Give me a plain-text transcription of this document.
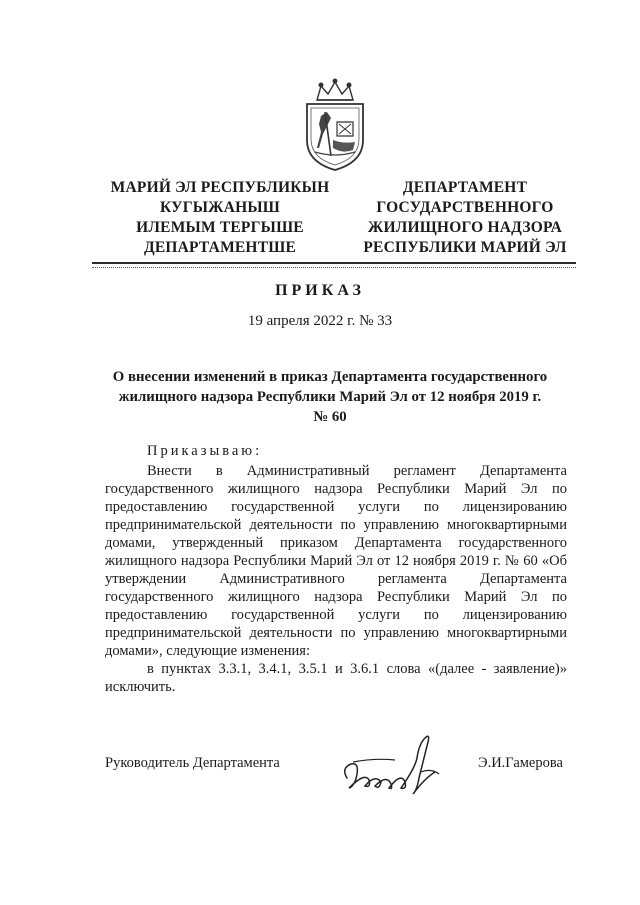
МАРИЙ ЭЛ РЕСПУБЛИКЫН
КУГЫЖАНЫШ
ИЛЕМЫМ ТЕРГЫШЕ
ДЕПАРТАМЕНТШЕ
ДЕПАРТАМЕНТ
ГОСУДАРСТВЕННОГО
ЖИЛИЩНОГО НАДЗОРА
РЕСПУБЛИКИ МАРИЙ ЭЛ
ПРИКАЗ
19 апреля 2022 г. № 33
О внесении изменений в приказ Департамента государственного жилищного надзора Республики Марий Эл от 12 ноября 2019 г. № 60
Приказываю:

Внести в Административный регламент Департамента государственного жилищного надзора Республики Марий Эл по предоставлению государственной услуги по лицензированию предпринимательской деятельности по управлению многоквартирными домами, утвержденный приказом Департамента государственного жилищного надзора Республики Марий Эл от 12 ноября 2019 г. № 60 «Об утверждении Административного регламента Департамента государственного жилищного надзора Республики Марий Эл по предоставлению государственной услуги по лицензированию предпринимательской деятельности по управлению многоквартирными домами», следующие изменения:

в пунктах 3.3.1, 3.4.1, 3.5.1 и 3.6.1 слова «(далее - заявление)» исключить.

Руководитель Департамента	Э.И.Гамерова
